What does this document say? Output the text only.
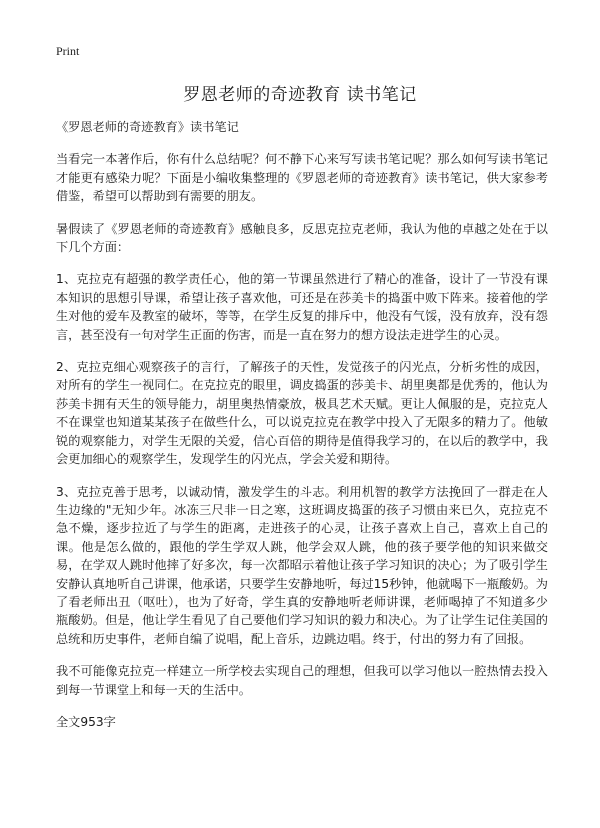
Print
罗恩老师的奇迹教育 读书笔记

《罗恩老师的奇迹教育》读书笔记

当看完一本著作后，你有什么总结呢？何不静下心来写写读书笔记呢？那么如何写读书笔记才能更有感染力呢？下面是小编收集整理的《罗恩老师的奇迹教育》读书笔记，供大家参考借鉴，希望可以帮助到有需要的朋友。

暑假读了《罗恩老师的奇迹教育》感触良多，反思克拉克老师，我认为他的卓越之处在于以下几个方面：

1、克拉克有超强的教学责任心，他的第一节课虽然进行了精心的准备，设计了一节没有课本知识的思想引导课，希望让孩子喜欢他，可还是在莎美卡的捣蛋中败下阵来。接着他的学生对他的爱车及教室的破坏，等等，在学生反复的排斥中，他没有气馁，没有放弃，没有怨言，甚至没有一句对学生正面的伤害，而是一直在努力的想方设法走进学生的心灵。

2、克拉克细心观察孩子的言行，了解孩子的天性，发觉孩子的闪光点，分析劣性的成因，对所有的学生一视同仁。在克拉克的眼里，调皮捣蛋的莎美卡、胡里奥都是优秀的，他认为莎美卡拥有天生的领导能力，胡里奥热情豪放，极具艺术天赋。更让人佩服的是，克拉克人不在课堂也知道某某孩子在做些什么，可以说克拉克在教学中投入了无限多的精力了。他敏锐的观察能力，对学生无限的关爱，信心百倍的期待是值得我学习的，在以后的教学中，我会更加细心的观察学生，发现学生的闪光点，学会关爱和期待。

3、克拉克善于思考，以诚动情，激发学生的斗志。利用机智的教学方法挽回了一群走在人生边缘的"无知少年。冰冻三尺非一日之寒，这班调皮捣蛋的孩子习惯由来已久，克拉克不急不燥，逐步拉近了与学生的距离，走进孩子的心灵，让孩子喜欢上自己，喜欢上自己的课。他是怎么做的，跟他的学生学双人跳，他学会双人跳，他的孩子要学他的知识来做交易，在学双人跳时他摔了好多次，每一次都昭示着他让孩子学习知识的决心；为了吸引学生安静认真地听自己讲课，他承诺，只要学生安静地听，每过15秒钟，他就喝下一瓶酸奶。为了看老师出丑（呕吐），也为了好奇，学生真的安静地听老师讲课，老师喝掉了不知道多少瓶酸奶。但是，他让学生看见了自己要他们学习知识的毅力和决心。为了让学生记住美国的总统和历史事件，老师自编了说唱，配上音乐，边跳边唱。终于，付出的努力有了回报。

我不可能像克拉克一样建立一所学校去实现自己的理想，但我可以学习他以一腔热情去投入到每一节课堂上和每一天的生活中。

全文953字
